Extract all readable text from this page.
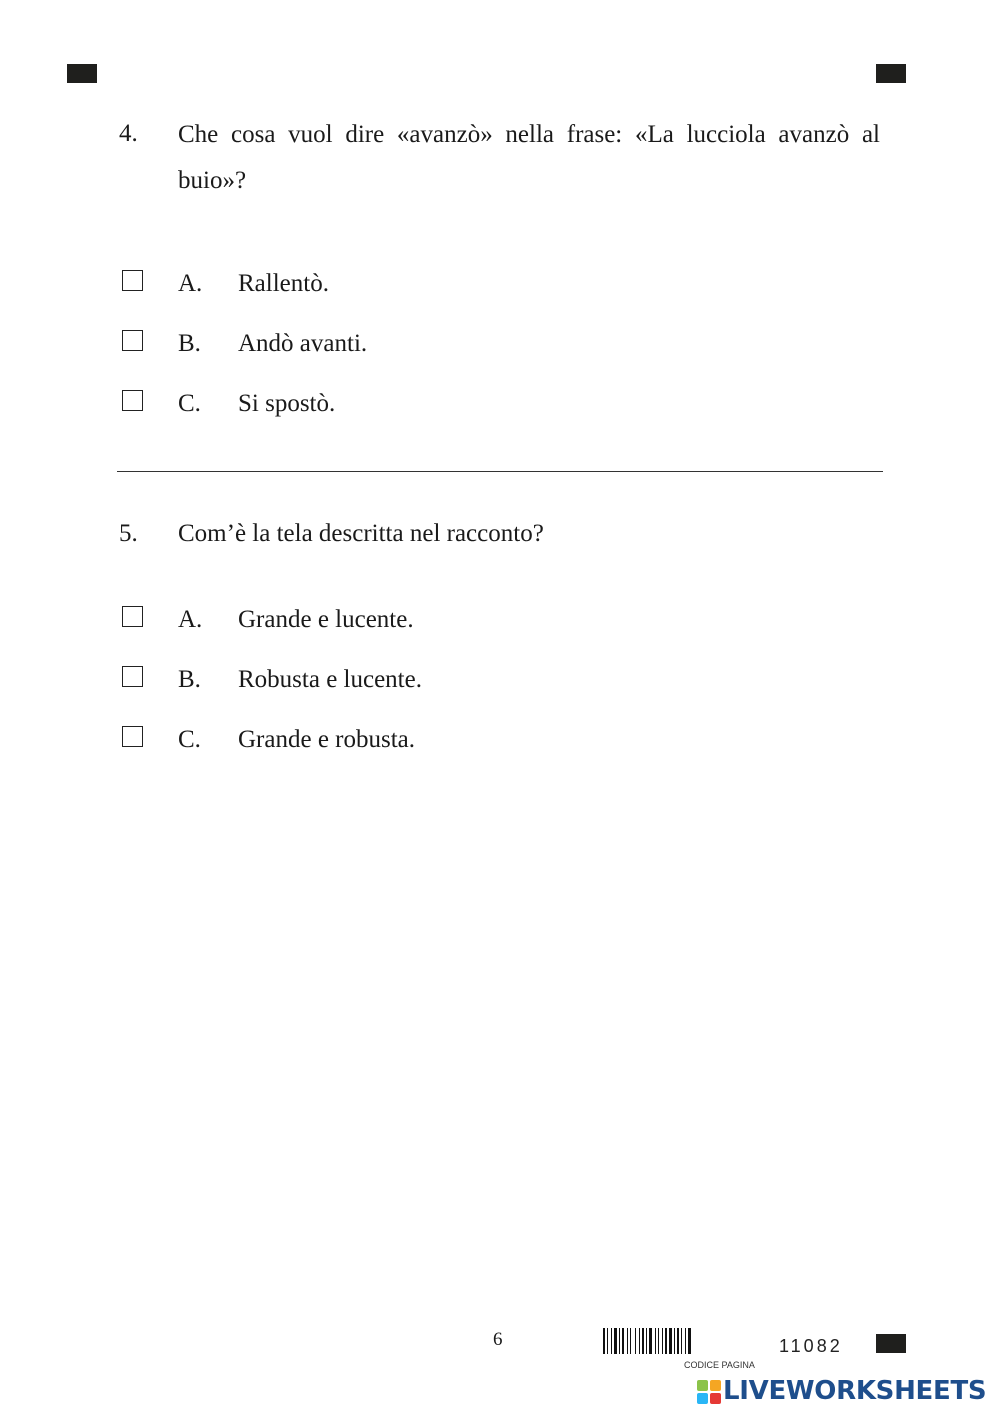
4. Che cosa vuol dire «avanzò» nella frase: «La lucciola avanzò al buio»?
A. Rallentò.
B. Andò avanti.
C. Si spostò.
5. Com’è la tela descritta nel racconto?
A. Grande e lucente.
B. Robusta e lucente.
C. Grande e robusta.
6
CODICE PAGINA
11082
LIVEWORKSHEETS
